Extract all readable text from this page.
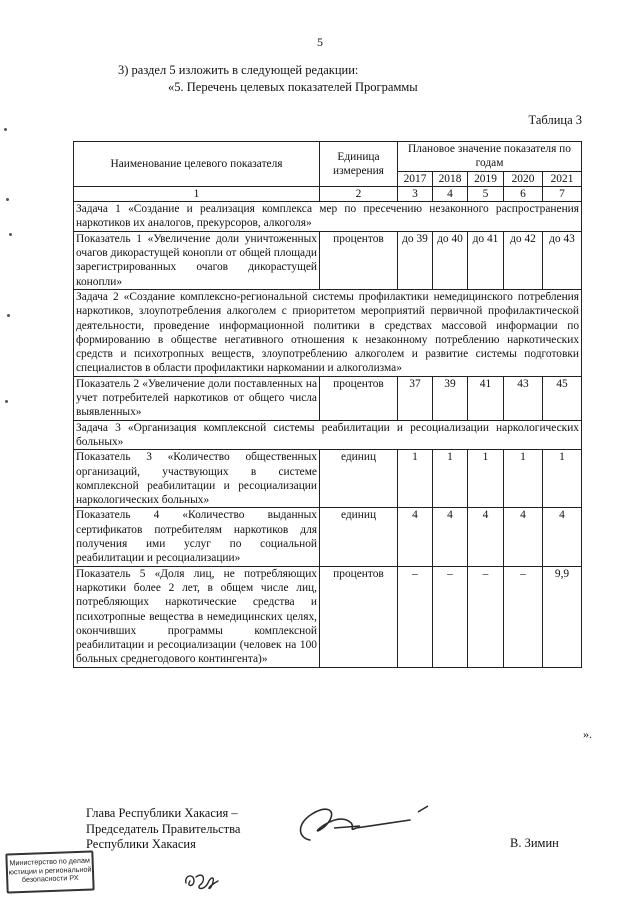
5
3) раздел 5 изложить в следующей редакции:
«5. Перечень целевых показателей Программы
Таблица 3
Наименование целевого показателя	Единица измерения	Плановое значение показателя по годам				
		2017	2018	2019	2020	2021
1	2	3	4	5	6	7
Задача 1 «Создание и реализация комплекса мер по пресечению незаконного распространения наркотиков их аналогов, прекурсоров, алкоголя»						
Показатель 1 «Увеличение доли уничтоженных очагов дикорастущей конопли от общей площади зарегистрированных очагов дикорастущей конопли»	процентов	до 39	до 40	до 41	до 42	до 43
Задача 2 «Создание комплексно-региональной системы профилактики немедицинского потребления наркотиков, злоупотребления алкоголем с приоритетом мероприятий первичной профилактической деятельности, проведение информационной политики в средствах массовой информации по формированию в обществе негативного отношения к незаконному потреблению наркотических средств и психотропных веществ, злоупотреблению алкоголем и развитие системы подготовки специалистов в области профилактики наркомании и алкоголизма»						
Показатель 2 «Увеличение доли поставленных на учет потребителей наркотиков от общего числа выявленных»	процентов	37	39	41	43	45
Задача 3 «Организация комплексной системы реабилитации и ресоциализации наркологических больных»						
Показатель 3 «Количество общественных организаций, участвующих в системе комплексной реабилитации и ресоциализации наркологических больных»	единиц	1	1	1	1	1
Показатель 4 «Количество выданных сертификатов потребителям наркотиков для получения ими услуг по социальной реабилитации и ресоциализации»	единиц	4	4	4	4	4
Показатель 5 «Доля лиц, не потребляющих наркотики более 2 лет, в общем числе лиц, потребляющих наркотические средства и психотропные вещества в немедицинских целях, окончивших программы комплексной реабилитации и ресоциализации (человек на 100 больных среднегодового контингента)»	процентов	–	–	–	–	9,9
».
Глава Республики Хакасия –
Председатель Правительства
Республики Хакасия	В. Зимин
Министерство по делам
юстиции и региональной
безопасности РХ
